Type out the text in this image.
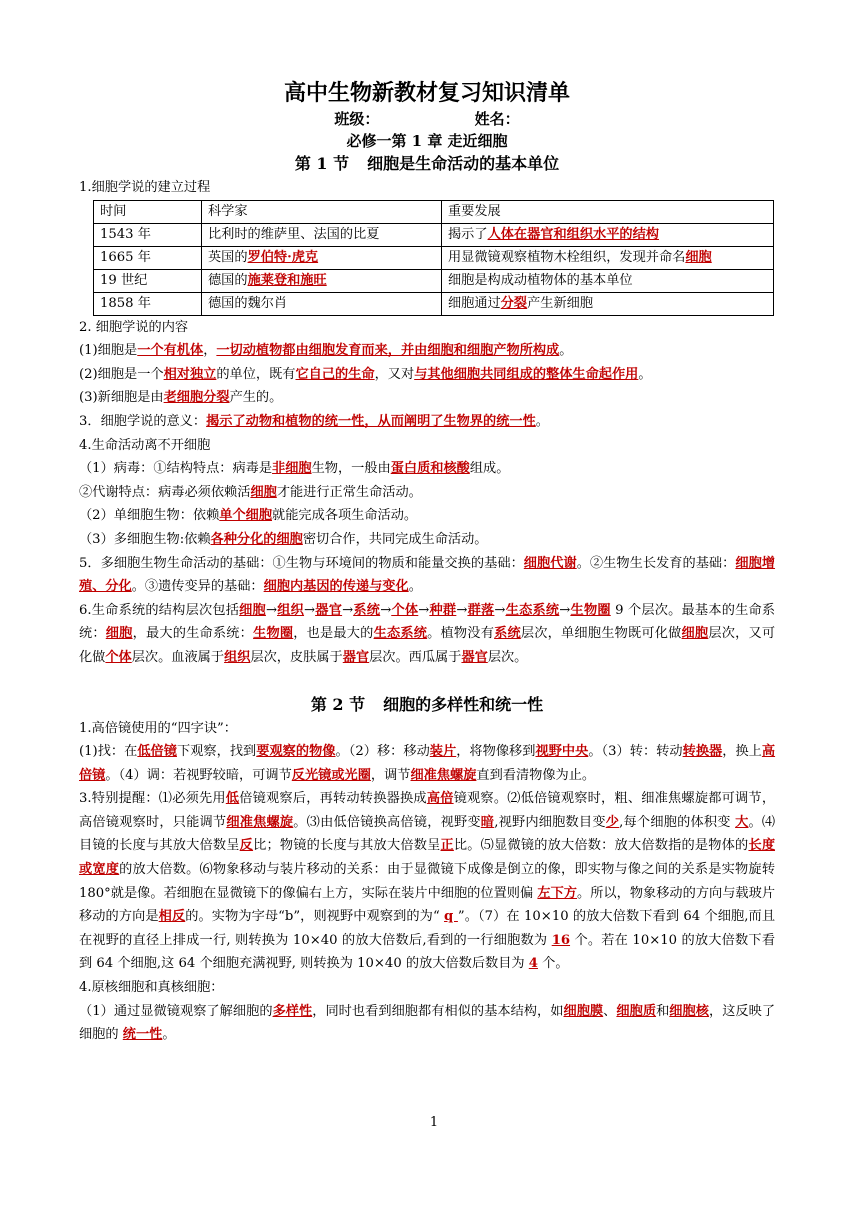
高中生物新教材复习知识清单
班级：	姓名：
必修一第 1 章 走近细胞
第 1 节 细胞是生命活动的基本单位

1.细胞学说的建立过程

时间	科学家	重要发展
1543 年	比利时的维萨里、法国的比夏	揭示了人体在器官和组织水平的结构
1665 年	英国的罗伯特·虎克	用显微镜观察植物木栓组织，发现并命名细胞
19 世纪	德国的施莱登和施旺	细胞是构成动植物体的基本单位
1858 年	德国的魏尔肖	细胞通过分裂产生新细胞

2. 细胞学说的内容

(1)细胞是一个有机体，一切动植物都由细胞发育而来，并由细胞和细胞产物所构成。

(2)细胞是一个相对独立的单位，既有它自己的生命，又对与其他细胞共同组成的整体生命起作用。

(3)新细胞是由老细胞分裂产生的。

3．细胞学说的意义：揭示了动物和植物的统一性，从而阐明了生物界的统一性。

4.生命活动离不开细胞

（1）病毒：①结构特点：病毒是非细胞生物，一般由蛋白质和核酸组成。

②代谢特点：病毒必须依赖活细胞才能进行正常生命活动。

（2）单细胞生物：依赖单个细胞就能完成各项生命活动。

（3）多细胞生物:依赖各种分化的细胞密切合作，共同完成生命活动。

5．多细胞生物生命活动的基础：①生物与环境间的物质和能量交换的基础：细胞代谢。②生物生长发育的基础：细胞增殖、分化。③遗传变异的基础：细胞内基因的传递与变化。

6.生命系统的结构层次包括细胞→组织→器官→系统→个体→种群→群落→生态系统→生物圈 9 个层次。最基本的生命系统：细胞，最大的生命系统：生物圈，也是最大的生态系统。植物没有系统层次，单细胞生物既可化做细胞层次，又可化做个体层次。血液属于组织层次，皮肤属于器官层次。西瓜属于器官层次。

第 2 节 细胞的多样性和统一性

1.高倍镜使用的“四字诀”：

(1)找：在低倍镜下观察，找到要观察的物像。（2）移：移动装片，将物像移到视野中央。（3）转：转动转换器，换上高倍镜。（4）调：若视野较暗，可调节反光镜或光圈，调节细准焦螺旋直到看清物像为止。

3.特别提醒：⑴必须先用低倍镜观察后，再转动转换器换成高倍镜观察。⑵低倍镜观察时，粗、细准焦螺旋都可调节，高倍镜观察时，只能调节细准焦螺旋。⑶由低倍镜换高倍镜，视野变暗,视野内细胞数目变少,每个细胞的体积变 大。⑷目镜的长度与其放大倍数呈反比；物镜的长度与其放大倍数呈正比。⑸显微镜的放大倍数：放大倍数指的是物体的长度或宽度的放大倍数。⑹物象移动与装片移动的关系：由于显微镜下成像是倒立的像，即实物与像之间的关系是实物旋转 180°就是像。若细胞在显微镜下的像偏右上方，实际在装片中细胞的位置则偏 左下方。所以，物象移动的方向与载玻片移动的方向是相反的。实物为字母“b”，则视野中观察到的为“ q ”。（7）在 10×10 的放大倍数下看到 64 个细胞,而且在视野的直径上排成一行, 则转换为 10×40 的放大倍数后,看到的一行细胞数为 16 个。若在 10×10 的放大倍数下看到 64 个细胞,这 64 个细胞充满视野, 则转换为 10×40 的放大倍数后数目为 4 个。

4.原核细胞和真核细胞：

（1）通过显微镜观察了解细胞的多样性，同时也看到细胞都有相似的基本结构，如细胞膜、细胞质和细胞核，这反映了细胞的 统一性。

1
